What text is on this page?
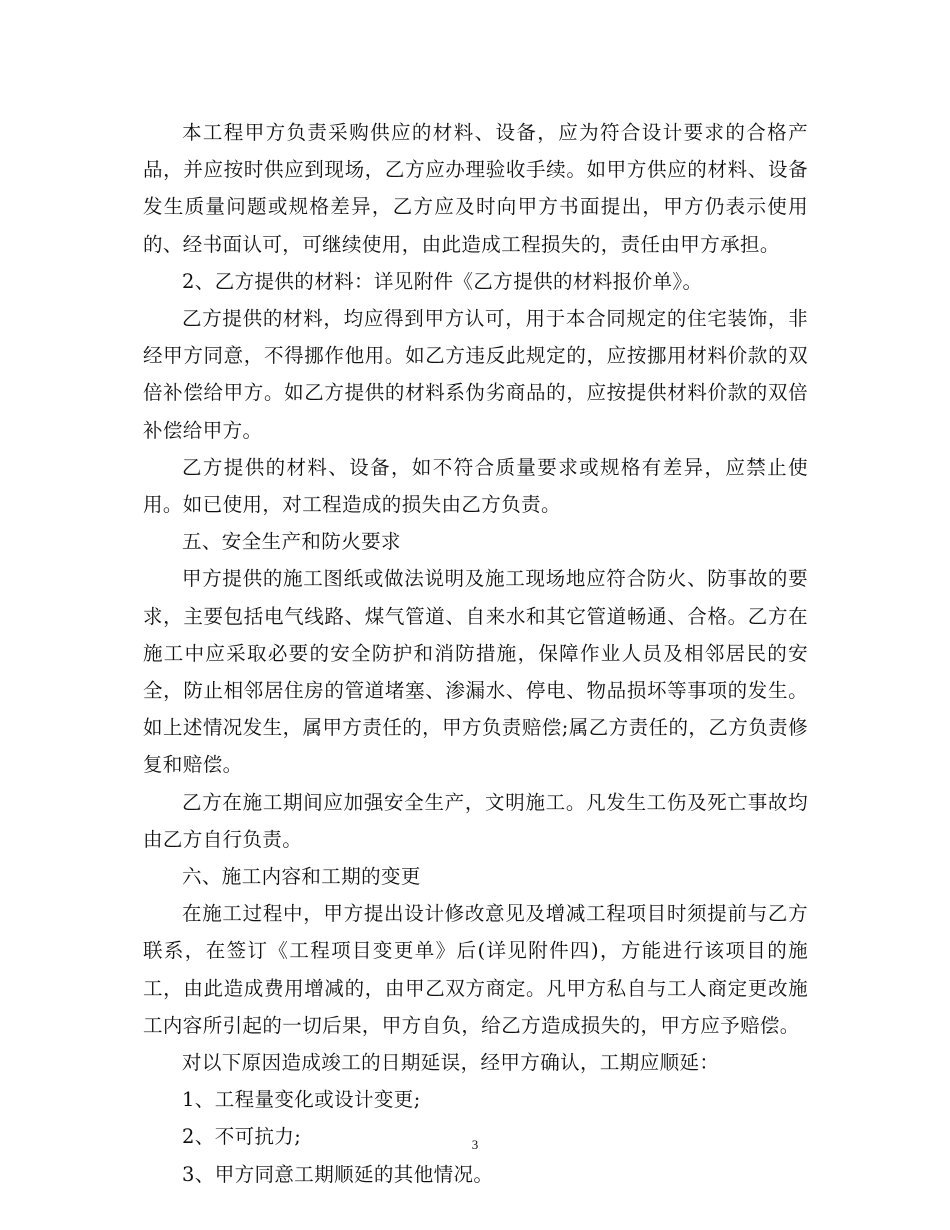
本工程甲方负责采购供应的材料、设备，应为符合设计要求的合格产品，并应按时供应到现场，乙方应办理验收手续。如甲方供应的材料、设备发生质量问题或规格差异，乙方应及时向甲方书面提出，甲方仍表示使用的、经书面认可，可继续使用，由此造成工程损失的，责任由甲方承担。

2、乙方提供的材料：详见附件《乙方提供的材料报价单》。

乙方提供的材料，均应得到甲方认可，用于本合同规定的住宅装饰，非经甲方同意，不得挪作他用。如乙方违反此规定的，应按挪用材料价款的双倍补偿给甲方。如乙方提供的材料系伪劣商品的，应按提供材料价款的双倍补偿给甲方。

乙方提供的材料、设备，如不符合质量要求或规格有差异，应禁止使用。如已使用，对工程造成的损失由乙方负责。

五、安全生产和防火要求

甲方提供的施工图纸或做法说明及施工现场地应符合防火、防事故的要求，主要包括电气线路、煤气管道、自来水和其它管道畅通、合格。乙方在施工中应采取必要的安全防护和消防措施，保障作业人员及相邻居民的安全，防止相邻居住房的管道堵塞、渗漏水、停电、物品损坏等事项的发生。如上述情况发生，属甲方责任的，甲方负责赔偿;属乙方责任的，乙方负责修复和赔偿。

乙方在施工期间应加强安全生产，文明施工。凡发生工伤及死亡事故均由乙方自行负责。

六、施工内容和工期的变更

在施工过程中，甲方提出设计修改意见及增减工程项目时须提前与乙方联系，在签订《工程项目变更单》后(详见附件四)，方能进行该项目的施工，由此造成费用增减的，由甲乙双方商定。凡甲方私自与工人商定更改施工内容所引起的一切后果，甲方自负，给乙方造成损失的，甲方应予赔偿。

对以下原因造成竣工的日期延误，经甲方确认，工期应顺延：

1、工程量变化或设计变更;

2、不可抗力;

3、甲方同意工期顺延的其他情况。

3
